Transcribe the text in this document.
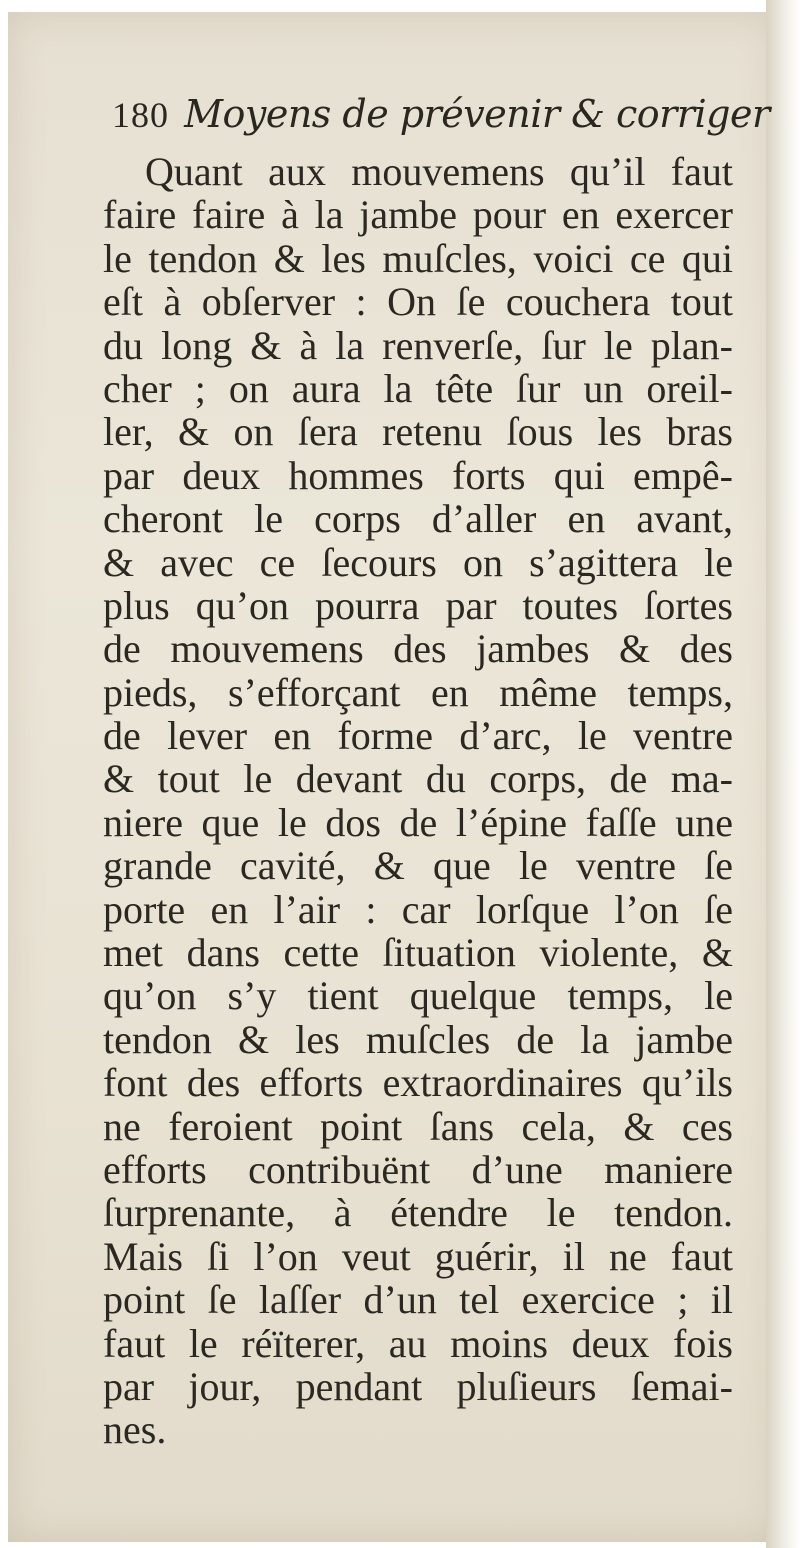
180 Moyens de prévenir & corriger
Quant aux mouvemens qu’il faut
faire faire à la jambe pour en exercer
le tendon & les muſcles, voici ce qui
eſt à obſerver : On ſe couchera tout
du long & à la renverſe, ſur le plan-
cher ; on aura la tête ſur un oreil-
ler, & on ſera retenu ſous les bras
par deux hommes forts qui empê-
cheront le corps d’aller en avant,
& avec ce ſecours on s’agittera le
plus qu’on pourra par toutes ſortes
de mouvemens des jambes & des
pieds, s’efforçant en même temps,
de lever en forme d’arc, le ventre
& tout le devant du corps, de ma-
niere que le dos de l’épine faſſe une
grande cavité, & que le ventre ſe
porte en l’air : car lorſque l’on ſe
met dans cette ſituation violente, &
qu’on s’y tient quelque temps, le
tendon & les muſcles de la jambe
font des efforts extraordinaires qu’ils
ne feroient point ſans cela, & ces
efforts contribuënt d’une maniere
ſurprenante, à étendre le tendon.
Mais ſi l’on veut guérir, il ne faut
point ſe laſſer d’un tel exercice ; il
faut le réïterer, au moins deux fois
par jour, pendant pluſieurs ſemai-
nes.
